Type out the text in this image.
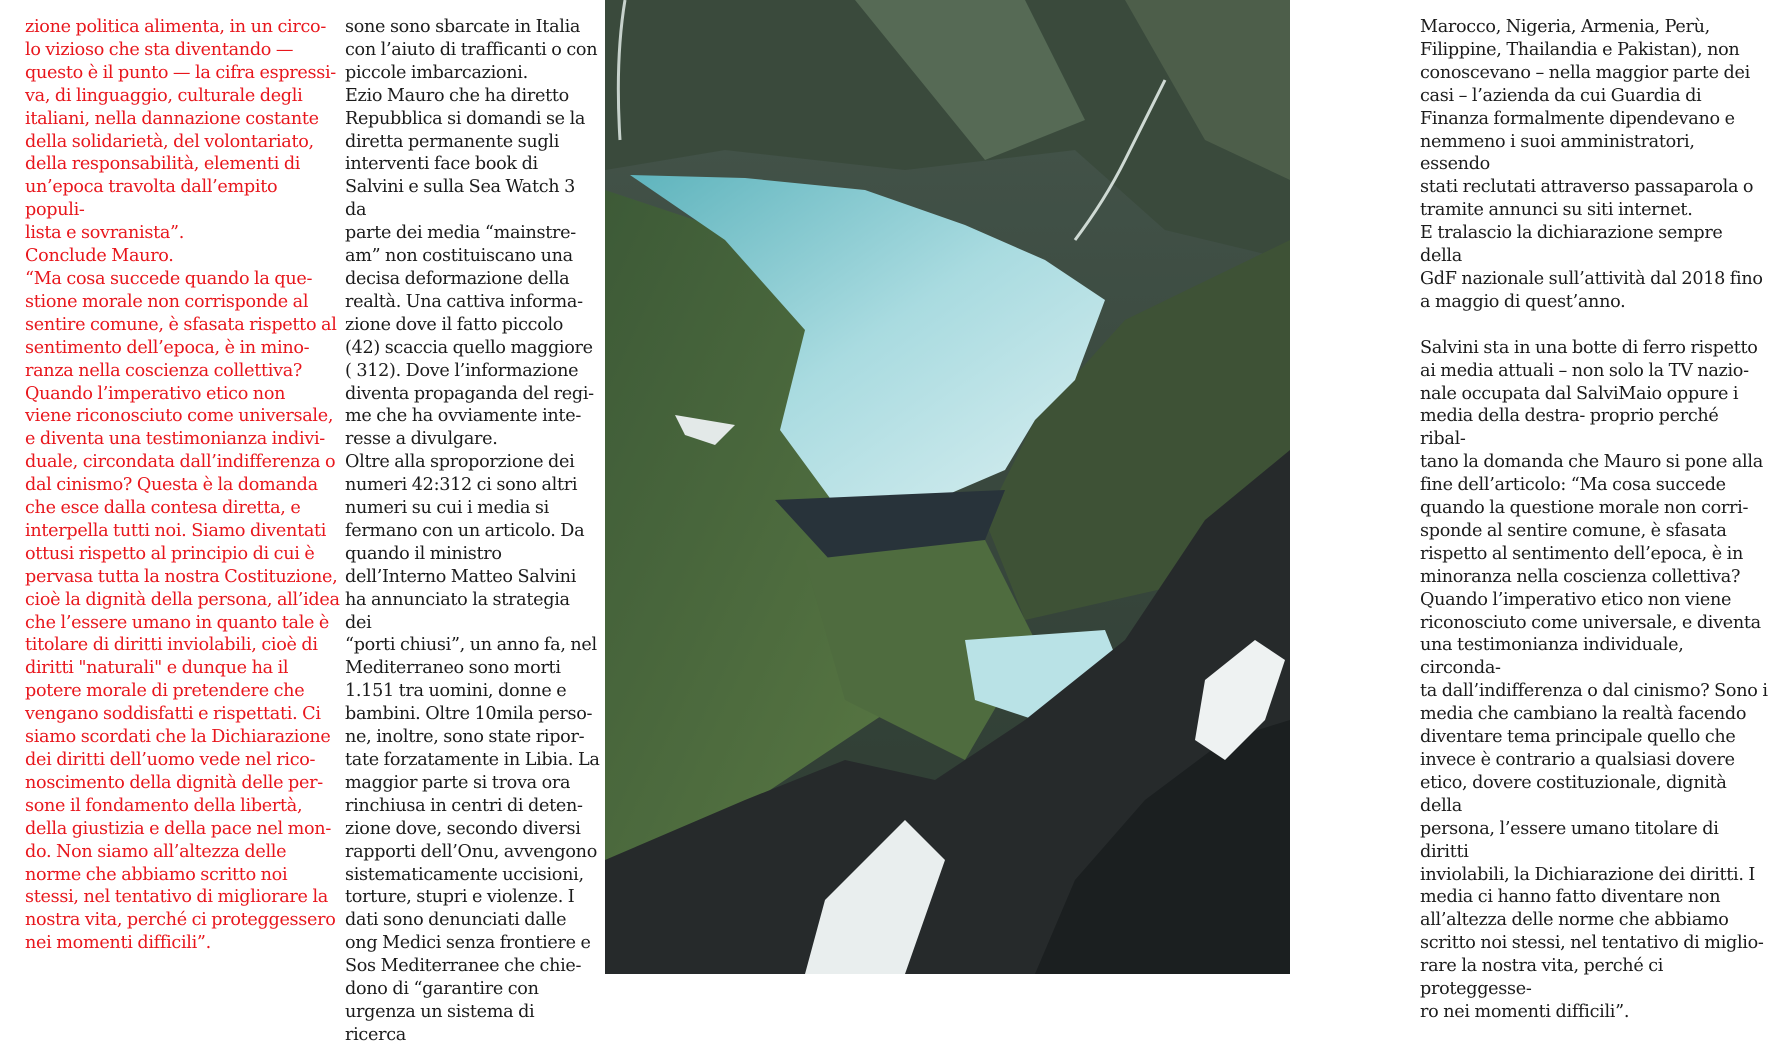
zione politica alimenta, in un circo-
lo vizioso che sta diventando —
questo è il punto — la cifra espressi-
va, di linguaggio, culturale degli
italiani, nella dannazione costante
della solidarietà, del volontariato,
della responsabilità, elementi di
un’epoca travolta dall’empito populi-
lista e sovranista”.
Conclude Mauro.
“Ma cosa succede quando la que-
stione morale non corrisponde al
sentire comune, è sfasata rispetto al
sentimento dell’epoca, è in mino-
ranza nella coscienza collettiva?
Quando l’imperativo etico non
viene riconosciuto come universale,
e diventa una testimonianza indivi-
duale, circondata dall’indifferenza o
dal cinismo? Questa è la domanda
che esce dalla contesa diretta, e
interpella tutti noi. Siamo diventati
ottusi rispetto al principio di cui è
pervasa tutta la nostra Costituzione,
cioè la dignità della persona, all’idea
che l’essere umano in quanto tale è
titolare di diritti inviolabili, cioè di
diritti "naturali" e dunque ha il
potere morale di pretendere che
vengano soddisfatti e rispettati. Ci
siamo scordati che la Dichiarazione
dei diritti dell’uomo vede nel rico-
noscimento della dignità delle per-
sone il fondamento della libertà,
della giustizia e della pace nel mon-
do. Non siamo all’altezza delle
norme che abbiamo scritto noi
stessi, nel tentativo di migliorare la
nostra vita, perché ci proteggessero
nei momenti difficili”.
sone sono sbarcate in Italia
con l’aiuto di trafficanti o con
piccole imbarcazioni.
Ezio Mauro che ha diretto
Repubblica si domandi se la
diretta permanente sugli
interventi face book di
Salvini e sulla Sea Watch 3 da
parte dei media “mainstre-
am” non costituiscano una
decisa deformazione della
realtà. Una cattiva informa-
zione dove il fatto piccolo
(42) scaccia quello maggiore
( 312). Dove l’informazione
diventa propaganda del regi-
me che ha ovviamente inte-
resse a divulgare.
Oltre alla sproporzione dei
numeri 42:312 ci sono altri
numeri su cui i media si
fermano con un articolo. Da
quando il ministro
dell’Interno Matteo Salvini
ha annunciato la strategia dei
“porti chiusi”, un anno fa, nel
Mediterraneo sono morti
1.151 tra uomini, donne e
bambini. Oltre 10mila perso-
ne, inoltre, sono state ripor-
tate forzatamente in Libia. La
maggior parte si trova ora
rinchiusa in centri di deten-
zione dove, secondo diversi
rapporti dell’Onu, avvengono
sistematicamente uccisioni,
torture, stupri e violenze. I
dati sono denunciati dalle
ong Medici senza frontiere e
Sos Mediterranee che chie-
dono di “garantire con
urgenza un sistema di ricerca
Marocco, Nigeria, Armenia, Perù,
Filippine, Thailandia e Pakistan), non
conoscevano – nella maggior parte dei
casi – l’azienda da cui Guardia di
Finanza formalmente dipendevano e
nemmeno i suoi amministratori, essendo
stati reclutati attraverso passaparola o
tramite annunci su siti internet.
E tralascio la dichiarazione sempre della
GdF nazionale sull’attività dal 2018 fino
a maggio di quest’anno.

Salvini sta in una botte di ferro rispetto
ai media attuali – non solo la TV nazio-
nale occupata dal SalviMaio oppure i
media della destra- proprio perché ribal-
tano la domanda che Mauro si pone alla
fine dell’articolo: “Ma cosa succede
quando la questione morale non corri-
sponde al sentire comune, è sfasata
rispetto al sentimento dell’epoca, è in
minoranza nella coscienza collettiva?
Quando l’imperativo etico non viene
riconosciuto come universale, e diventa
una testimonianza individuale, circonda-
ta dall’indifferenza o dal cinismo? Sono i
media che cambiano la realtà facendo
diventare tema principale quello che
invece è contrario a qualsiasi dovere
etico, dovere costituzionale, dignità della
persona, l’essere umano titolare di diritti
inviolabili, la Dichiarazione dei diritti. I
media ci hanno fatto diventare non
all’altezza delle norme che abbiamo
scritto noi stessi, nel tentativo di miglio-
rare la nostra vita, perché ci proteggesse-
ro nei momenti difficili”.
